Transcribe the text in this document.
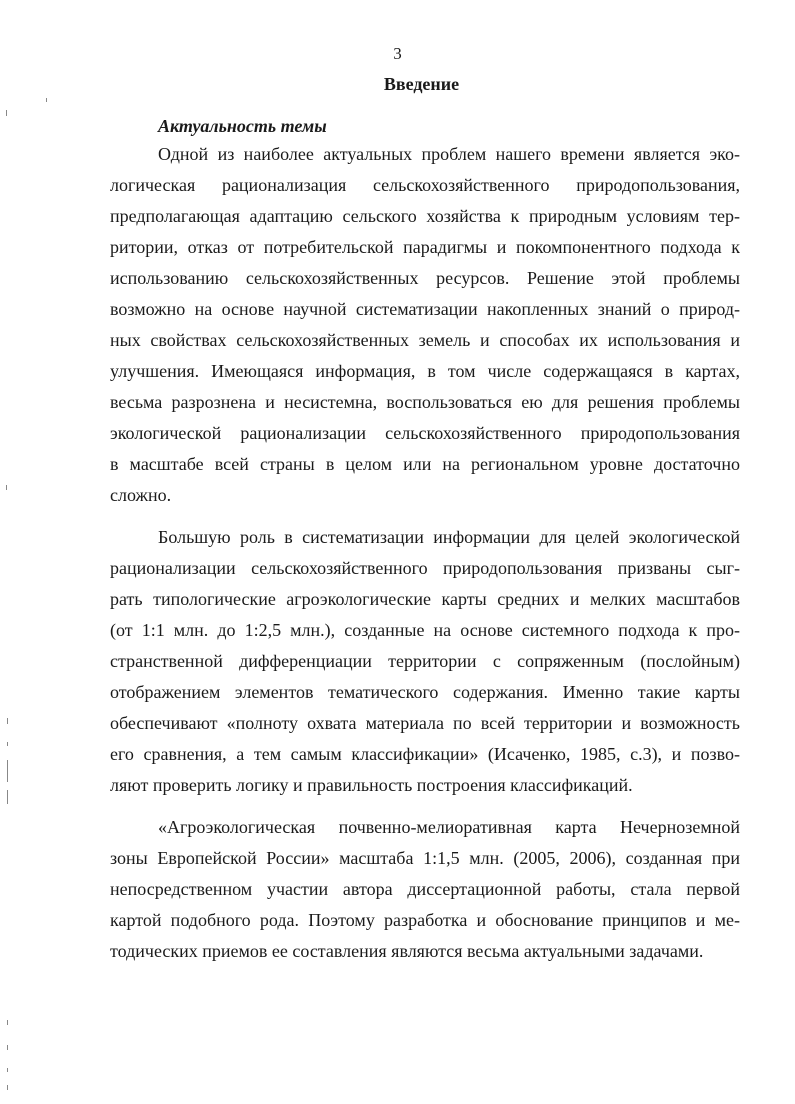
3
Введение
Актуальность темы
Одной из наиболее актуальных проблем нашего времени является эко-
логическая рационализация сельскохозяйственного природопользования,
предполагающая адаптацию сельского хозяйства к природным условиям тер-
ритории, отказ от потребительской парадигмы и покомпонентного подхода к
использованию сельскохозяйственных ресурсов. Решение этой проблемы
возможно на основе научной систематизации накопленных знаний о природ-
ных свойствах сельскохозяйственных земель и способах их использования и
улучшения. Имеющаяся информация, в том числе содержащаяся в картах,
весьма разрознена и несистемна, воспользоваться ею для решения проблемы
экологической рационализации сельскохозяйственного природопользования
в масштабе всей страны в целом или на региональном уровне достаточно
сложно.
Большую роль в систематизации информации для целей экологической
рационализации сельскохозяйственного природопользования призваны сыг-
рать типологические агроэкологические карты средних и мелких масштабов
(от 1:1 млн. до 1:2,5 млн.), созданные на основе системного подхода к про-
странственной дифференциации территории с сопряженным (послойным)
отображением элементов тематического содержания. Именно такие карты
обеспечивают «полноту охвата материала по всей территории и возможность
его сравнения, а тем самым классификации» (Исаченко, 1985, с.3), и позво-
ляют проверить логику и правильность построения классификаций.
«Агроэкологическая почвенно-мелиоративная карта Нечерноземной
зоны Европейской России» масштаба 1:1,5 млн. (2005, 2006), созданная при
непосредственном участии автора диссертационной работы, стала первой
картой подобного рода. Поэтому разработка и обоснование принципов и ме-
тодических приемов ее составления являются весьма актуальными задачами.
